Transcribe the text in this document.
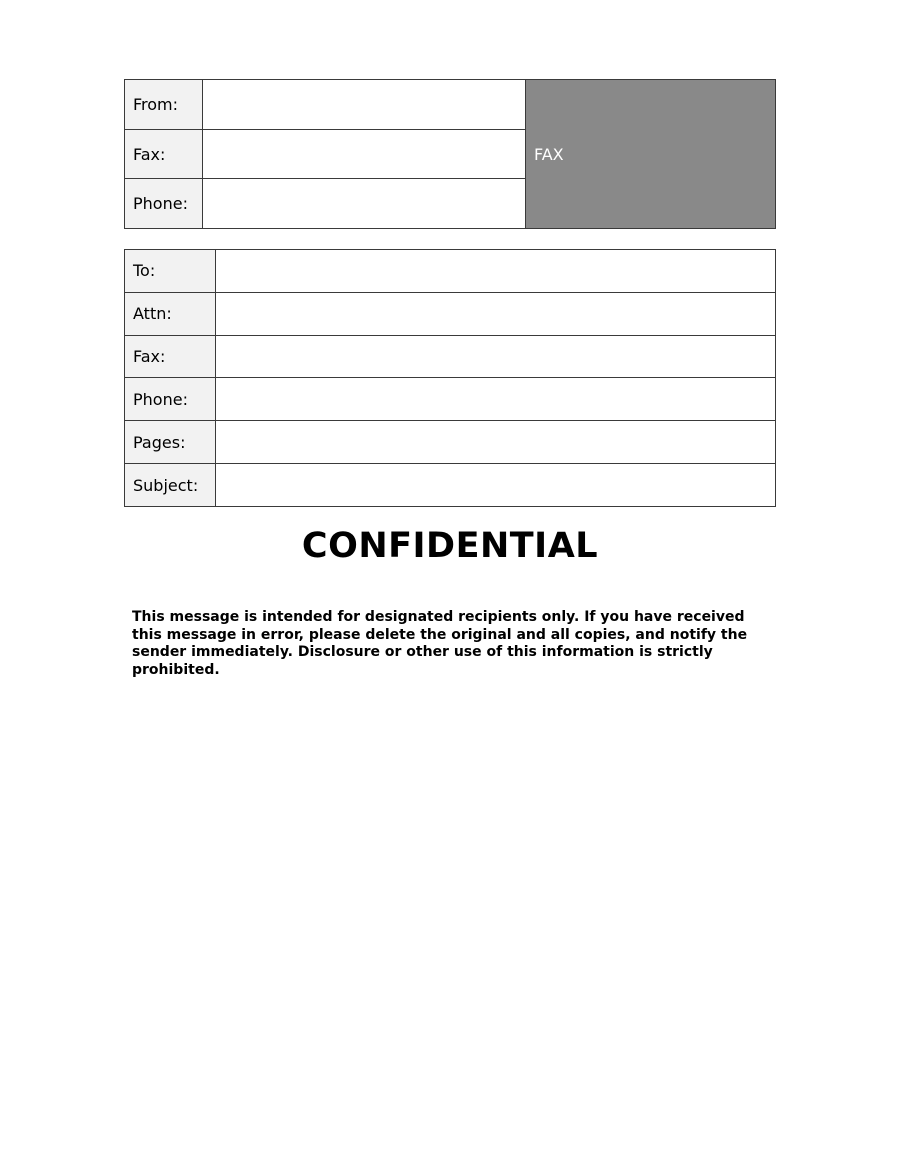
From:
Fax:
Phone:
FAX
To:
Attn:
Fax:
Phone:
Pages:
Subject:
CONFIDENTIAL
This message is intended for designated recipients only. If you have received this message in error, please delete the original and all copies, and notify the sender immediately. Disclosure or other use of this information is strictly prohibited.
